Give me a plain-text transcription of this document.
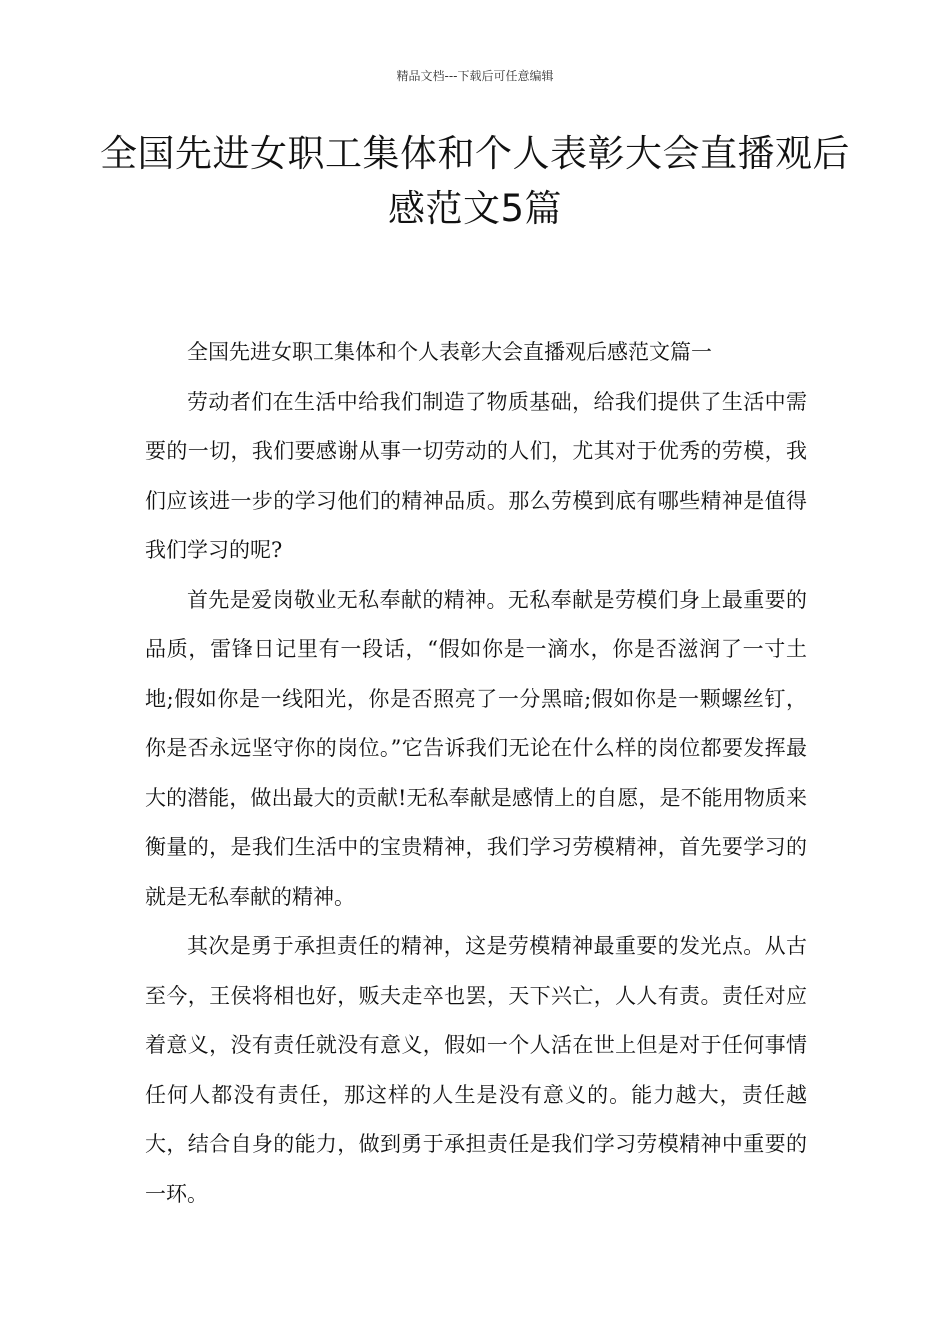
精品文档---下载后可任意编辑
全国先进女职工集体和个人表彰大会直播观后感范文5篇

全国先进女职工集体和个人表彰大会直播观后感范文篇一

劳动者们在生活中给我们制造了物质基础，给我们提供了生活中需要的一切，我们要感谢从事一切劳动的人们，尤其对于优秀的劳模，我们应该进一步的学习他们的精神品质。那么劳模到底有哪些精神是值得我们学习的呢?

首先是爱岗敬业无私奉献的精神。无私奉献是劳模们身上最重要的品质，雷锋日记里有一段话，“假如你是一滴水，你是否滋润了一寸土地;假如你是一线阳光，你是否照亮了一分黑暗;假如你是一颗螺丝钉，你是否永远坚守你的岗位。”它告诉我们无论在什么样的岗位都要发挥最大的潜能，做出最大的贡献!无私奉献是感情上的自愿，是不能用物质来衡量的，是我们生活中的宝贵精神，我们学习劳模精神，首先要学习的就是无私奉献的精神。

其次是勇于承担责任的精神，这是劳模精神最重要的发光点。从古至今，王侯将相也好，贩夫走卒也罢，天下兴亡，人人有责。责任对应着意义，没有责任就没有意义，假如一个人活在世上但是对于任何事情任何人都没有责任，那这样的人生是没有意义的。能力越大，责任越大，结合自身的能力，做到勇于承担责任是我们学习劳模精神中重要的一环。
